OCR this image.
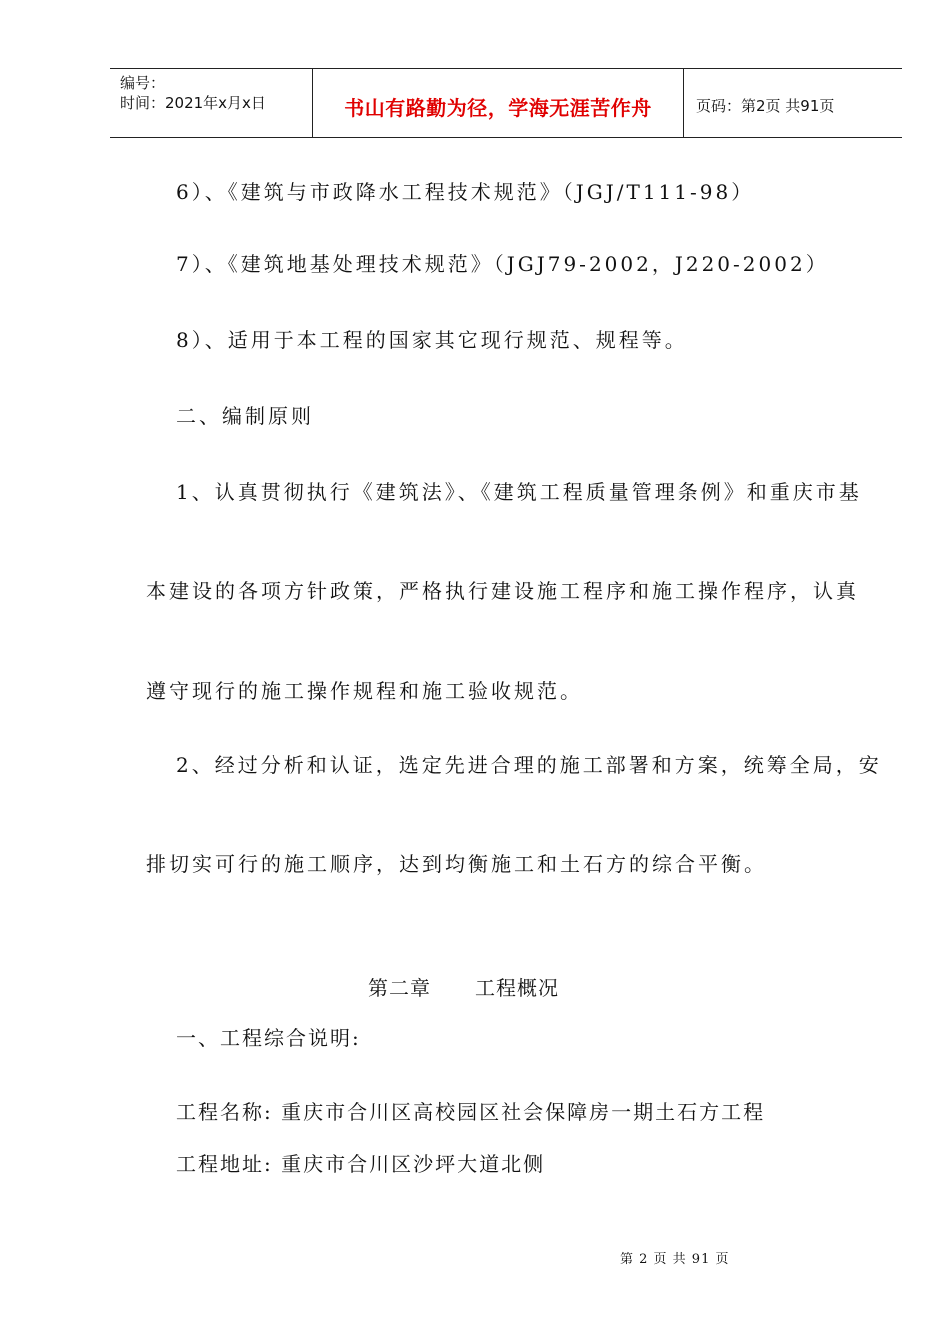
编号：
时间：2021年x月x日	书山有路勤为径，学海无涯苦作舟	页码：第2页 共91页
6）、《建筑与市政降水工程技术规范》（JGJ/T111-98）
7）、《建筑地基处理技术规范》（JGJ79-2002，J220-2002）
8）、适用于本工程的国家其它现行规范、规程等。
二、编制原则
1、认真贯彻执行《建筑法》、《建筑工程质量管理条例》和重庆市基
本建设的各项方针政策，严格执行建设施工程序和施工操作程序，认真
遵守现行的施工操作规程和施工验收规范。
2、经过分析和认证，选定先进合理的施工部署和方案，统筹全局，安
排切实可行的施工顺序，达到均衡施工和土石方的综合平衡。
第二章 工程概况
一、工程综合说明:
工程名称: 重庆市合川区高校园区社会保障房一期土石方工程
工程地址: 重庆市合川区沙坪大道北侧
第 2 页 共 91 页
